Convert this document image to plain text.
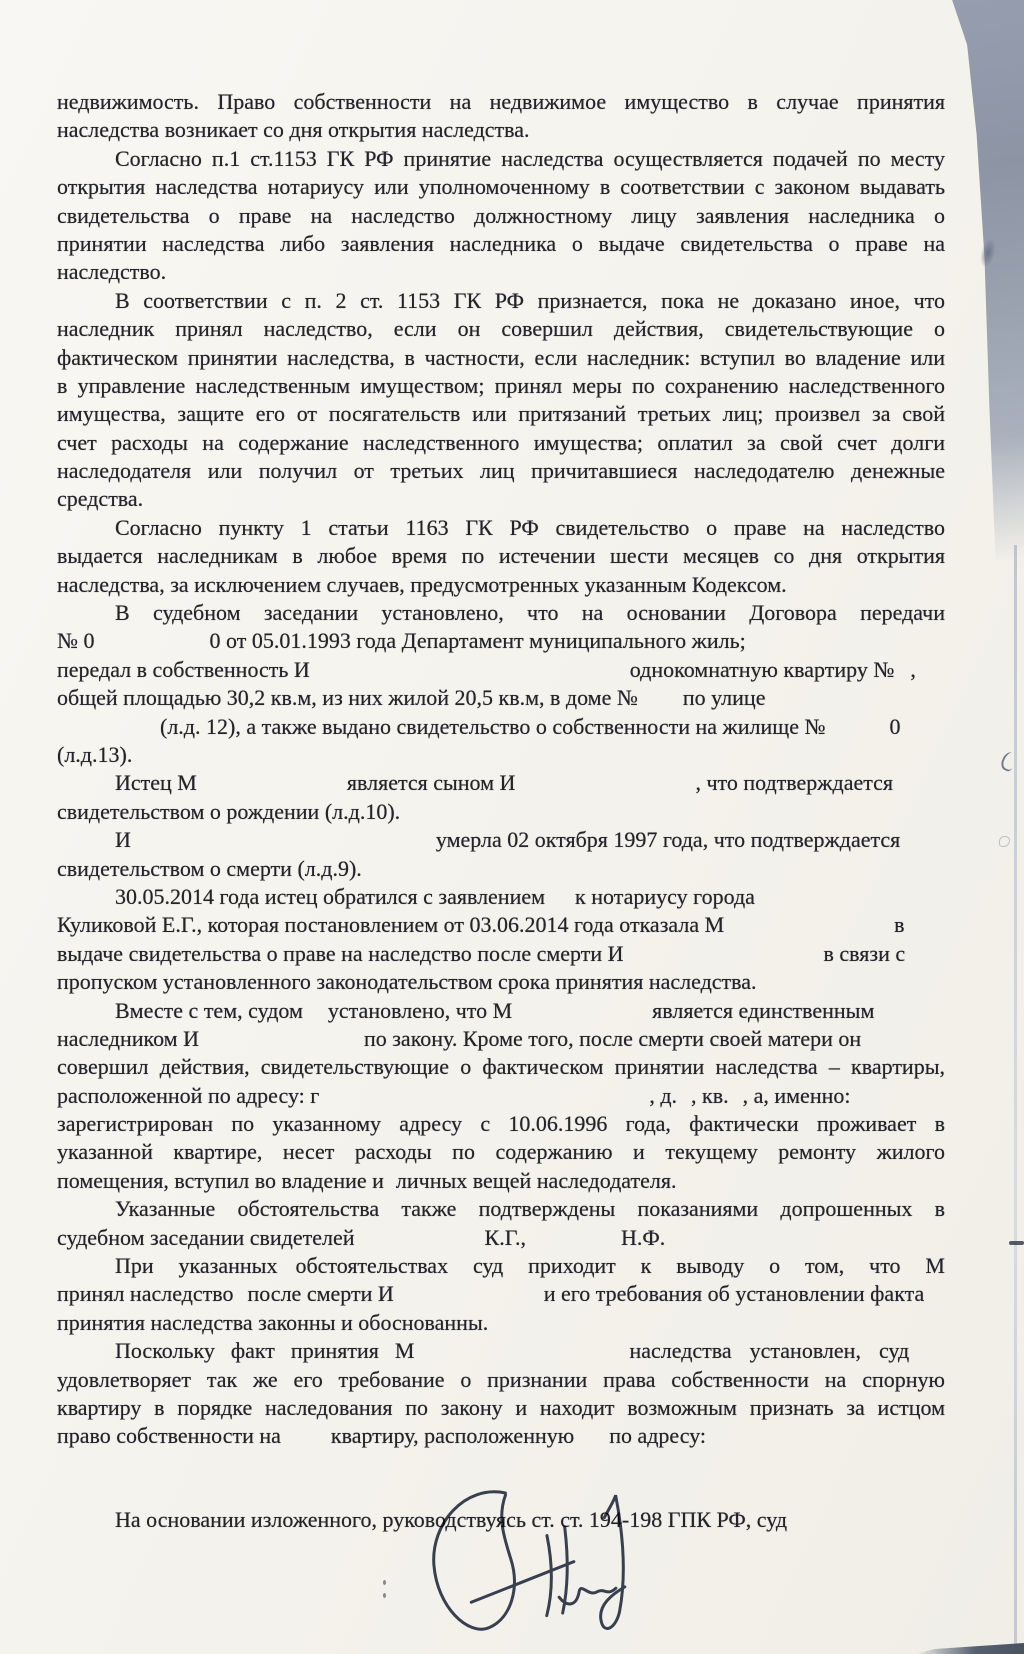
недвижимость. Право собственности на недвижимое имущество в случае принятия
наследства возникает со дня открытия наследства.
Согласно п.1 ст.1153 ГК РФ принятие наследства осуществляется подачей по месту
открытия наследства нотариусу или уполномоченному в соответствии с законом выдавать
свидетельства о праве на наследство должностному лицу заявления наследника о
принятии наследства либо заявления наследника о выдаче свидетельства о праве на
наследство.
В соответствии с п. 2 ст. 1153 ГК РФ признается, пока не доказано иное, что
наследник принял наследство, если он совершил действия, свидетельствующие о
фактическом принятии наследства, в частности, если наследник: вступил во владение или
в управление наследственным имуществом; принял меры по сохранению наследственного
имущества, защите его от посягательств или притязаний третьих лиц; произвел за свой
счет расходы на содержание наследственного имущества; оплатил за свой счет долги
наследодателя или получил от третьих лиц причитавшиеся наследодателю денежные
средства.
Согласно пункту 1 статьи 1163 ГК РФ свидетельство о праве на наследство
выдается наследникам в любое время по истечении шести месяцев со дня открытия
наследства, за исключением случаев, предусмотренных указанным Кодексом.
В судебном заседании установлено, что на основании Договора передачи
№ 0	0 от 05.01.1993 года Департамент муниципального жиль;
передал в собственность И	однокомнатную квартиру № ,
общей площадью 30,2 кв.м, из них жилой 20,5 кв.м, в доме № по улице
(л.д. 12), а также выдано свидетельство о собственности на жилище №	0
(л.д.13).
Истец М	является сыном И	, что подтверждается
свидетельством о рождении (л.д.10).
И	умерла 02 октября 1997 года, что подтверждается
свидетельством о смерти (л.д.9).
30.05.2014 года истец обратился с заявлением к нотариусу города
Куликовой Е.Г., которая постановлением от 03.06.2014 года отказала М	в
выдаче свидетельства о праве на наследство после смерти И	в связи с
пропуском установленного законодательством срока принятия наследства.
Вместе с тем, судом установлено, что М	является единственным
наследником И	по закону. Кроме того, после смерти своей матери он
совершил действия, свидетельствующие о фактическом принятии наследства – квартиры,
расположенной по адресу: г	, д. , кв. , а, именно:
зарегистрирован по указанному адресу с 10.06.1996 года, фактически проживает в
указанной квартире, несет расходы по содержанию и текущему ремонту жилого
помещения, вступил во владение и личных вещей наследодателя.
Указанные обстоятельства также подтверждены показаниями допрошенных в
судебном заседании свидетелей	К.Г.,	Н.Ф.
При указанных обстоятельствах суд приходит к выводу о том, что М
принял наследство после смерти И	и его требования об установлении факта
принятия наследства законны и обоснованны.
Поскольку факт принятия М	наследства установлен, суд
удовлетворяет так же его требование о признании права собственности на спорную
квартиру в порядке наследования по закону и находит возможным признать за истцом
право собственности на квартиру, расположенную по адресу:
На основании изложенного, руководствуясь ст. ст. 194-198 ГПК РФ, суд
